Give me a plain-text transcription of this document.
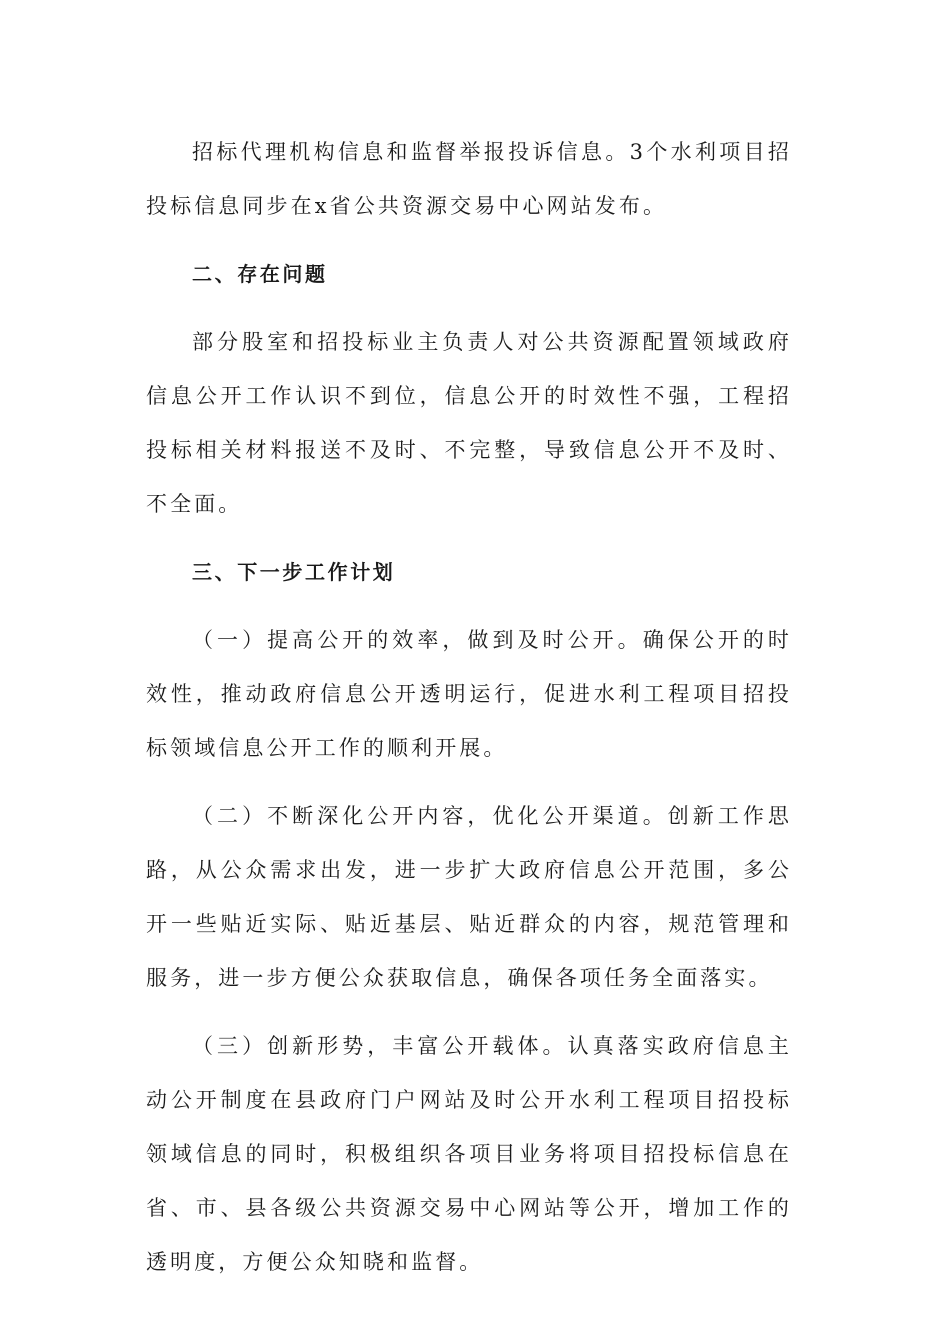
招标代理机构信息和监督举报投诉信息。3个水利项目招投标信息同步在x省公共资源交易中心网站发布。

二、存在问题

部分股室和招投标业主负责人对公共资源配置领域政府信息公开工作认识不到位，信息公开的时效性不强，工程招投标相关材料报送不及时、不完整，导致信息公开不及时、不全面。

三、下一步工作计划

（一）提高公开的效率，做到及时公开。确保公开的时效性，推动政府信息公开透明运行，促进水利工程项目招投标领域信息公开工作的顺利开展。

（二）不断深化公开内容，优化公开渠道。创新工作思路，从公众需求出发，进一步扩大政府信息公开范围，多公开一些贴近实际、贴近基层、贴近群众的内容，规范管理和服务，进一步方便公众获取信息，确保各项任务全面落实。

（三）创新形势，丰富公开载体。认真落实政府信息主动公开制度在县政府门户网站及时公开水利工程项目招投标领域信息的同时，积极组织各项目业务将项目招投标信息在省、市、县各级公共资源交易中心网站等公开，增加工作的透明度，方便公众知晓和监督。
